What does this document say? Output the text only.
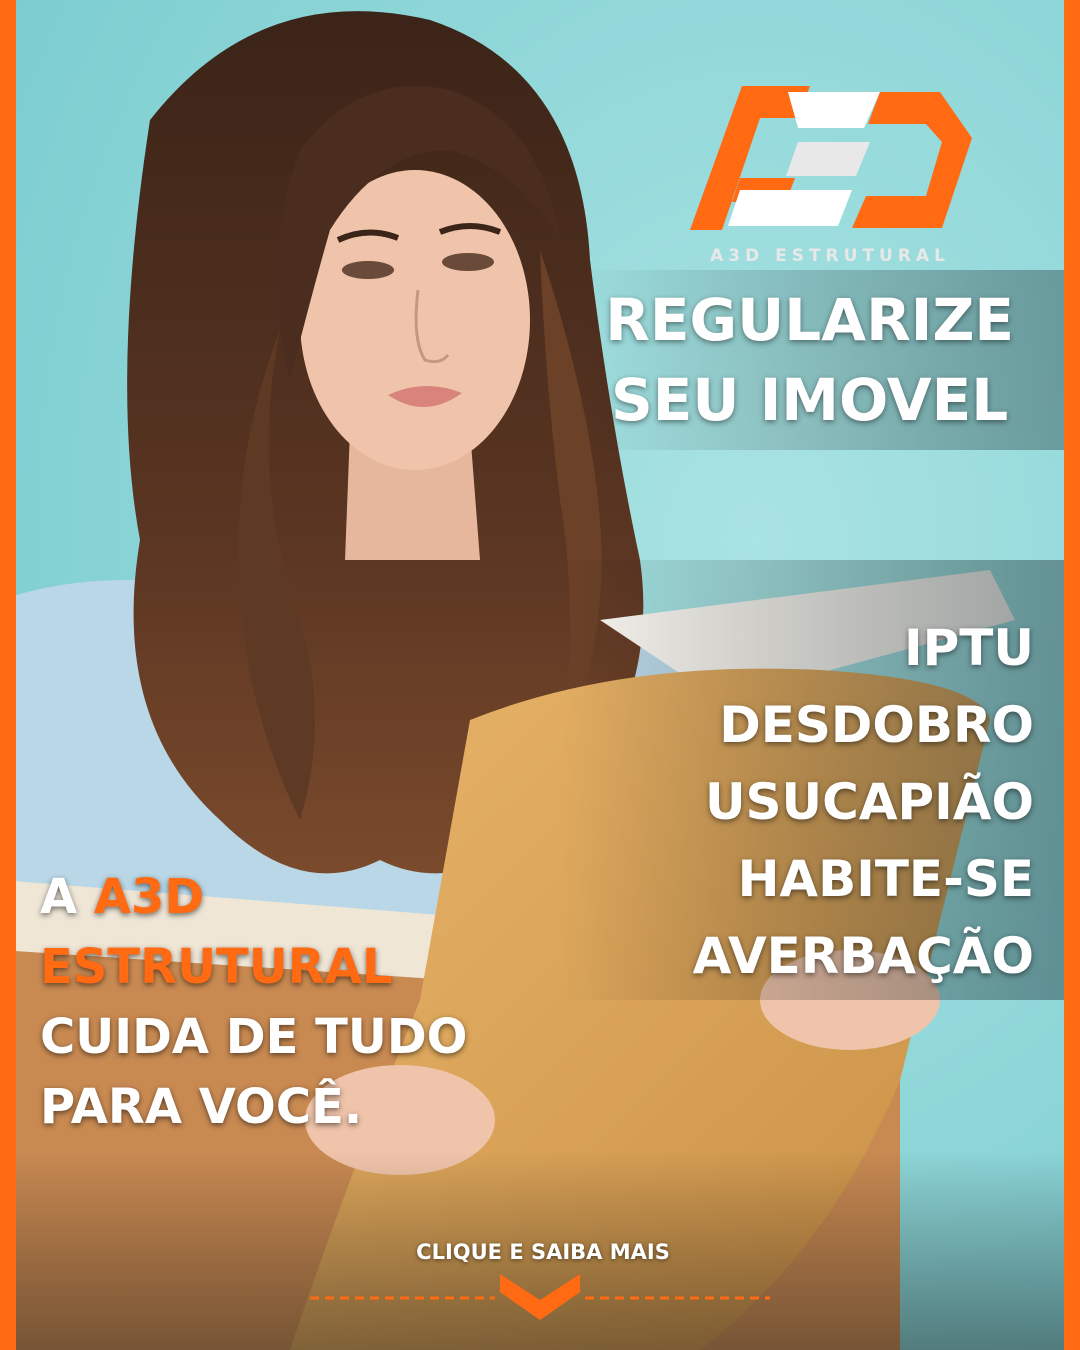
A3D ESTRUTURAL
REGULARIZE
SEU IMOVEL
IPTU
DESDOBRO
USUCAPIÃO
HABITE-SE
AVERBAÇÃO
A A3D
ESTRUTURAL
CUIDA DE TUDO
PARA VOCÊ.
CLIQUE E SAIBA MAIS
